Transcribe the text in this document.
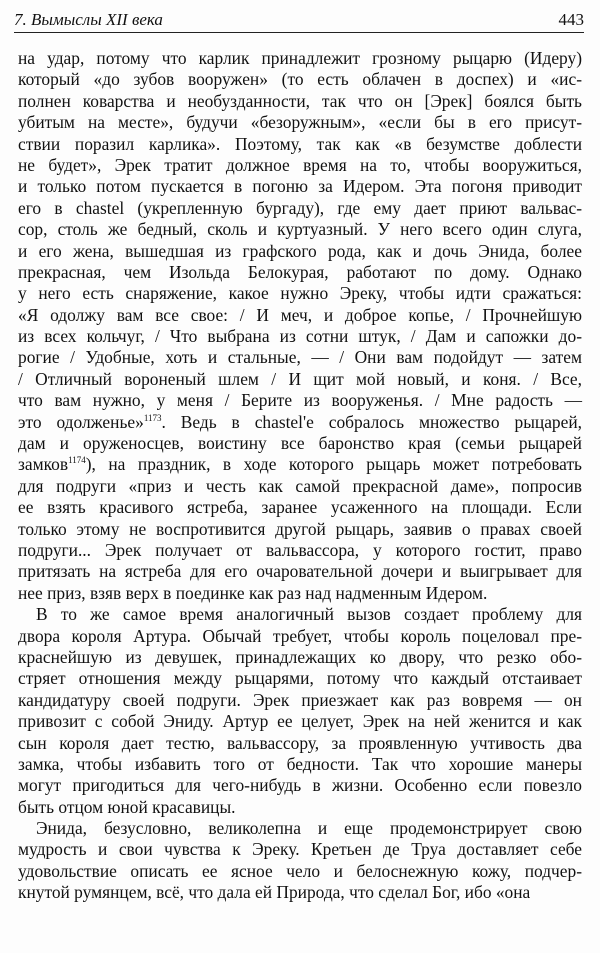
7. Вымыслы XII века	443
на удар, потому что карлик принадлежит грозному рыцарю (Идеру)
который «до зубов вооружен» (то есть облачен в доспех) и «ис-
полнен коварства и необузданности, так что он [Эрек] боялся быть
убитым на месте», будучи «безоружным», «если бы в его присут-
ствии поразил карлика». Поэтому, так как «в безумстве доблести
не будет», Эрек тратит должное время на то, чтобы вооружиться,
и только потом пускается в погоню за Идером. Эта погоня приводит
его в chastel (укрепленную бургаду), где ему дает приют вальвас-
сор, столь же бедный, сколь и куртуазный. У него всего один слуга,
и его жена, вышедшая из графского рода, как и дочь Энида, более
прекрасная, чем Изольда Белокурая, работают по дому. Однако
у него есть снаряжение, какое нужно Эреку, чтобы идти сражаться:
«Я одолжу вам все свое: / И меч, и доброе копье, / Прочнейшую
из всех кольчуг, / Что выбрана из сотни штук, / Дам и сапожки до-
рогие / Удобные, хоть и стальные, — / Они вам подойдут — затем
/ Отличный вороненый шлем / И щит мой новый, и коня. / Все,
что вам нужно, у меня / Берите из вооруженья. / Мне радость —
это одолженье»$^{1173}$. Ведь в chastel'е собралось множество рыцарей,
дам и оруженосцев, воистину все баронство края (семьи рыцарей
замков$^{1174}$), на праздник, в ходе которого рыцарь может потребовать
для подруги «приз и честь как самой прекрасной даме», попросив
ее взять красивого ястреба, заранее усаженного на площади. Если
только этому не воспротивится другой рыцарь, заявив о правах своей
подруги... Эрек получает от вальвассора, у которого гостит, право
притязать на ястреба для его очаровательной дочери и выигрывает для
нее приз, взяв верх в поединке как раз над надменным Идером.
В то же самое время аналогичный вызов создает проблему для
двора короля Артура. Обычай требует, чтобы король поцеловал пре-
краснейшую из девушек, принадлежащих ко двору, что резко обо-
стряет отношения между рыцарями, потому что каждый отстаивает
кандидатуру своей подруги. Эрек приезжает как раз вовремя — он
привозит с собой Эниду. Артур ее целует, Эрек на ней женится и как
сын короля дает тестю, вальвассору, за проявленную учтивость два
замка, чтобы избавить того от бедности. Так что хорошие манеры
могут пригодиться для чего-нибудь в жизни. Особенно если повезло
быть отцом юной красавицы.
Энида, безусловно, великолепна и еще продемонстрирует свою
мудрость и свои чувства к Эреку. Кретьен де Труа доставляет себе
удовольствие описать ее ясное чело и белоснежную кожу, подчер-
кнутой румянцем, всё, что дала ей Природа, что сделал Бог, ибо «она
